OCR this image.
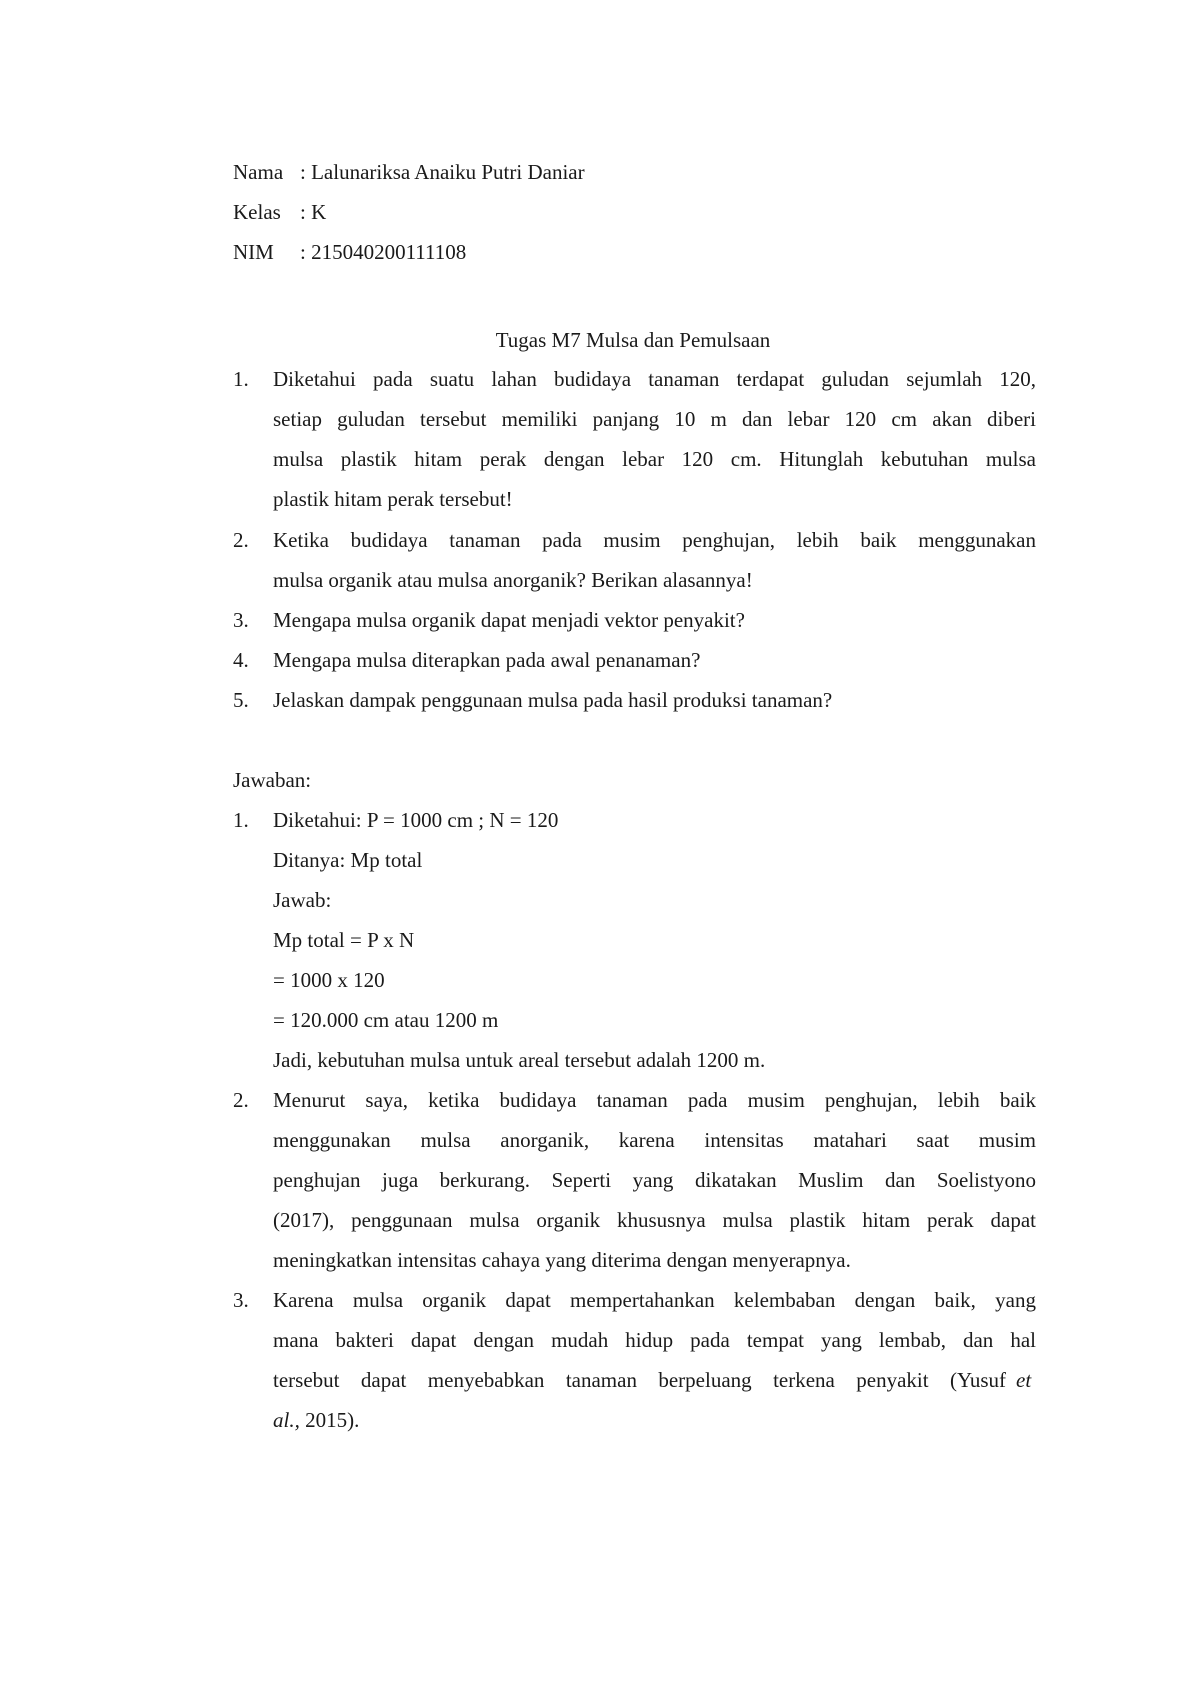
Nama : Lalunariksa Anaiku Putri Daniar
Kelas : K
NIM : 215040200111108
Tugas M7 Mulsa dan Pemulsaan
1. Diketahui pada suatu lahan budidaya tanaman terdapat guludan sejumlah 120,
setiap guludan tersebut memiliki panjang 10 m dan lebar 120 cm akan diberi
mulsa plastik hitam perak dengan lebar 120 cm. Hitunglah kebutuhan mulsa
plastik hitam perak tersebut!
2. Ketika budidaya tanaman pada musim penghujan, lebih baik menggunakan
mulsa organik atau mulsa anorganik? Berikan alasannya!
3. Mengapa mulsa organik dapat menjadi vektor penyakit?
4. Mengapa mulsa diterapkan pada awal penanaman?
5. Jelaskan dampak penggunaan mulsa pada hasil produksi tanaman?
Jawaban:
1. Diketahui: P = 1000 cm ; N = 120
Ditanya: Mp total
Jawab:
Mp total = P x N
= 1000 x 120
= 120.000 cm atau 1200 m
Jadi, kebutuhan mulsa untuk areal tersebut adalah 1200 m.
2. Menurut saya, ketika budidaya tanaman pada musim penghujan, lebih baik
menggunakan mulsa anorganik, karena intensitas matahari saat musim
penghujan juga berkurang. Seperti yang dikatakan Muslim dan Soelistyono
(2017), penggunaan mulsa organik khususnya mulsa plastik hitam perak dapat
meningkatkan intensitas cahaya yang diterima dengan menyerapnya.
3. Karena mulsa organik dapat mempertahankan kelembaban dengan baik, yang
mana bakteri dapat dengan mudah hidup pada tempat yang lembab, dan hal
tersebut dapat menyebabkan tanaman berpeluang terkena penyakit (Yusuf et
al., 2015).
